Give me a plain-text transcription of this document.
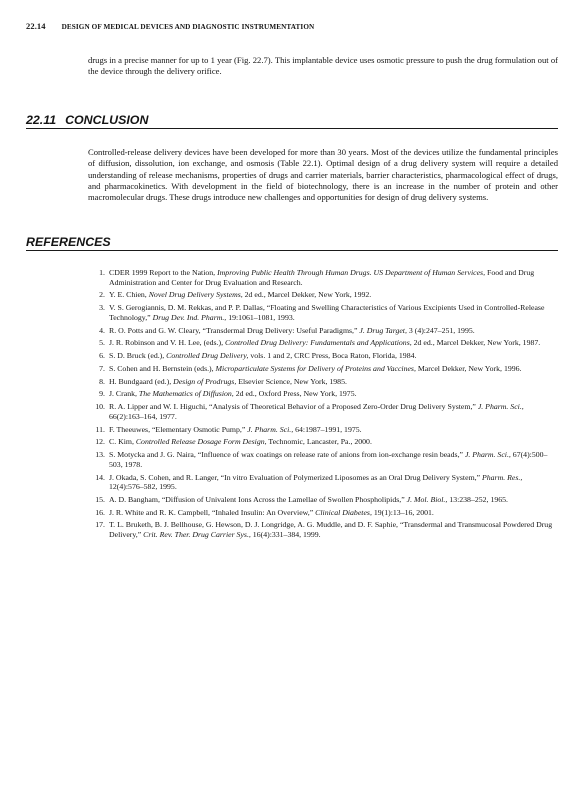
22.14 DESIGN OF MEDICAL DEVICES AND DIAGNOSTIC INSTRUMENTATION

drugs in a precise manner for up to 1 year (Fig. 22.7). This implantable device uses osmotic pressure to push the drug formulation out of the device through the delivery orifice.

22.11 CONCLUSION

Controlled-release delivery devices have been developed for more than 30 years. Most of the devices utilize the fundamental principles of diffusion, dissolution, ion exchange, and osmosis (Table 22.1). Optimal design of a drug delivery system will require a detailed understanding of release mechanisms, properties of drugs and carrier materials, barrier characteristics, pharmacological effect of drugs, and pharmacokinetics. With development in the field of biotechnology, there is an increase in the number of protein and other macromolecular drugs. These drugs introduce new challenges and opportunities for design of drug delivery systems.

REFERENCES
1. CDER 1999 Report to the Nation, Improving Public Health Through Human Drugs. US Department of Human Services, Food and Drug Administration and Center for Drug Evaluation and Research.
2. Y. E. Chien, Novel Drug Delivery Systems, 2d ed., Marcel Dekker, New York, 1992.
3. V. S. Gerogiannis, D. M. Rekkas, and P. P. Dallas, “Floating and Swelling Characteristics of Various Excipients Used in Controlled-Release Technology,” Drug Dev. Ind. Pharm., 19:1061–1081, 1993.
4. R. O. Potts and G. W. Cleary, “Transdermal Drug Delivery: Useful Paradigms,” J. Drug Target, 3 (4):247–251, 1995.
5. J. R. Robinson and V. H. Lee, (eds.), Controlled Drug Delivery: Fundamentals and Applications, 2d ed., Marcel Dekker, New York, 1987.
6. S. D. Bruck (ed.), Controlled Drug Delivery, vols. 1 and 2, CRC Press, Boca Raton, Florida, 1984.
7. S. Cohen and H. Bernstein (eds.), Microparticulate Systems for Delivery of Proteins and Vaccines, Marcel Dekker, New York, 1996.
8. H. Bundgaard (ed.), Design of Prodrugs, Elsevier Science, New York, 1985.
9. J. Crank, The Mathematics of Diffusion, 2d ed., Oxford Press, New York, 1975.
10. R. A. Lipper and W. I. Higuchi, “Analysis of Theoretical Behavior of a Proposed Zero-Order Drug Delivery System,” J. Pharm. Sci., 66(2):163–164, 1977.
11. F. Theeuwes, “Elementary Osmotic Pump,” J. Pharm. Sci., 64:1987–1991, 1975.
12. C. Kim, Controlled Release Dosage Form Design, Technomic, Lancaster, Pa., 2000.
13. S. Motycka and J. G. Naira, “Influence of wax coatings on release rate of anions from ion-exchange resin beads,” J. Pharm. Sci., 67(4):500–503, 1978.
14. J. Okada, S. Cohen, and R. Langer, “In vitro Evaluation of Polymerized Liposomes as an Oral Drug Delivery System,” Pharm. Res., 12(4):576–582, 1995.
15. A. D. Bangham, “Diffusion of Univalent Ions Across the Lamellae of Swollen Phospholipids,” J. Mol. Biol., 13:238–252, 1965.
16. J. R. White and R. K. Campbell, “Inhaled Insulin: An Overview,” Clinical Diabetes, 19(1):13–16, 2001.
17. T. L. Bruketh, B. J. Bellhouse, G. Hewson, D. J. Longridge, A. G. Muddle, and D. F. Saphie, “Transdermal and Transmucosal Powdered Drug Delivery,” Crit. Rev. Ther. Drug Carrier Sys., 16(4):331–384, 1999.
